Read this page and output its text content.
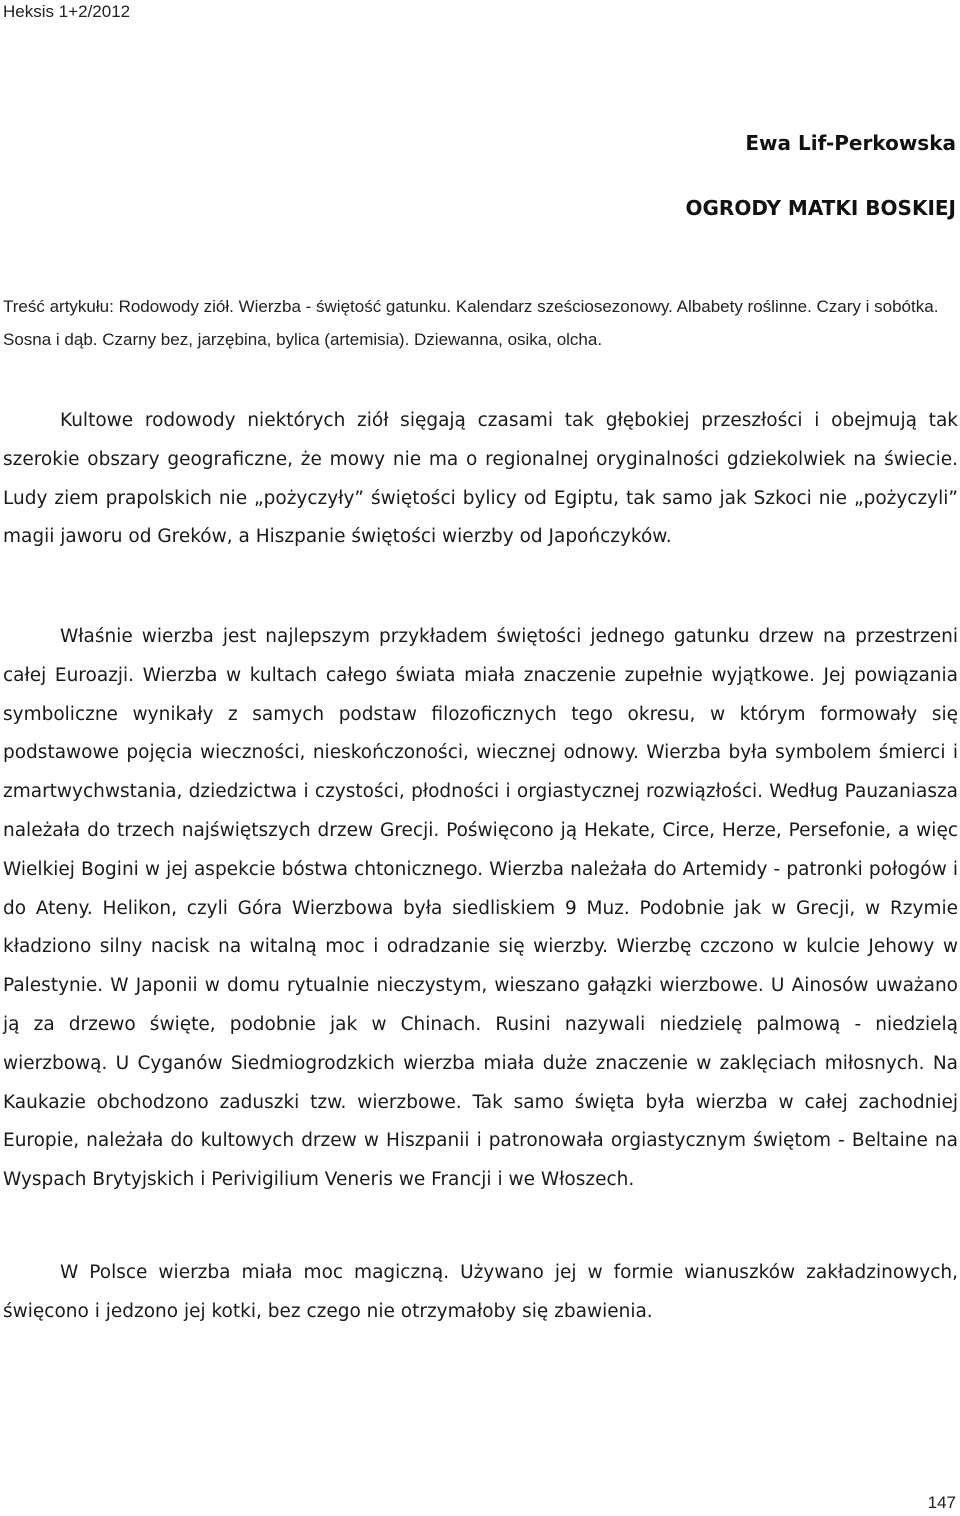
Heksis 1+2/2012
Ewa Lif-Perkowska
OGRODY MATKI BOSKIEJ

Treść artykułu: Rodowody ziół. Wierzba - świętość gatunku. Kalendarz sześciosezonowy. Albabety roślinne. Czary i sobótka. Sosna i dąb. Czarny bez, jarzębina, bylica (artemisia). Dziewanna, osika, olcha.

Kultowe rodowody niektórych ziół sięgają czasami tak głębokiej przeszłości i obejmują tak szerokie obszary geograficzne, że mowy nie ma o regionalnej oryginalności gdziekolwiek na świecie. Ludy ziem prapolskich nie „pożyczyły” świętości bylicy od Egiptu, tak samo jak Szkoci nie „pożyczyli” magii jaworu od Greków, a Hiszpanie świętości wierzby od Japończyków.

Właśnie wierzba jest najlepszym przykładem świętości jednego gatunku drzew na przestrzeni całej Euroazji. Wierzba w kultach całego świata miała znaczenie zupełnie wyjątkowe. Jej powiązania symboliczne wynikały z samych podstaw filozoficznych tego okresu, w którym formowały się podstawowe pojęcia wieczności, nieskończoności, wiecznej odnowy. Wierzba była symbolem śmierci i zmartwychwstania, dziedzictwa i czystości, płodności i orgiastycznej rozwiązłości. Według Pauzaniasza należała do trzech najświętszych drzew Grecji. Poświęcono ją Hekate, Circe, Herze, Persefonie, a więc Wielkiej Bogini w jej aspekcie bóstwa chtonicznego. Wierzba należała do Artemidy - patronki połogów i do Ateny. Helikon, czyli Góra Wierzbowa była siedliskiem 9 Muz. Podobnie jak w Grecji, w Rzymie kładziono silny nacisk na witalną moc i odradzanie się wierzby. Wierzbę czczono w kulcie Jehowy w Palestynie. W Japonii w domu rytualnie nieczystym, wieszano gałązki wierzbowe. U Ainosów uważano ją za drzewo święte, podobnie jak w Chinach. Rusini nazywali niedzielę palmową - niedzielą wierzbową. U Cyganów Siedmiogrodzkich wierzba miała duże znaczenie w zaklęciach miłosnych. Na Kaukazie obchodzono zaduszki tzw. wierzbowe. Tak samo święta była wierzba w całej zachodniej Europie, należała do kultowych drzew w Hiszpanii i patronowała orgiastycznym świętom - Beltaine na Wyspach Brytyjskich i Perivigilium Veneris we Francji i we Włoszech.

W Polsce wierzba miała moc magiczną. Używano jej w formie wianuszków zakładzinowych, święcono i jedzono jej kotki, bez czego nie otrzymałoby się zbawienia.

147
